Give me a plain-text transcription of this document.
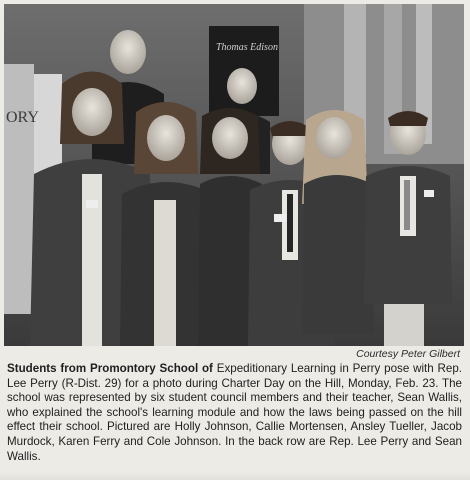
ORY
Thomas Edison
Courtesy Peter Gilbert
Students from Promontory School of Expeditionary Learning in Perry pose with Rep. Lee Perry (R-Dist. 29) for a photo during Charter Day on the Hill, Monday, Feb. 23. The school was represented by six student council members and their teacher, Sean Wallis, who explained the school's learning module and how the laws being passed on the hill effect their school. Pictured are Holly Johnson, Callie Mortensen, Ansley Tueller, Jacob Murdock, Karen Ferry and Cole Johnson. In the back row are Rep. Lee Perry and Sean Wallis.
